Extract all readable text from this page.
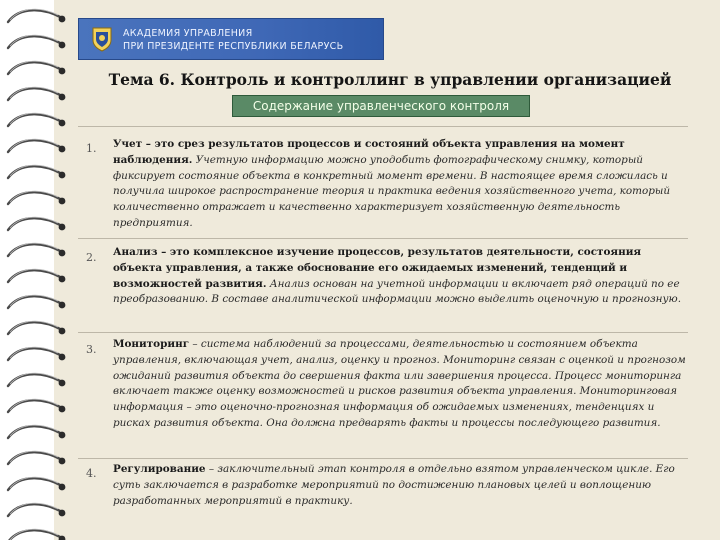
АКАДЕМИЯ УПРАВЛЕНИЯ
ПРИ ПРЕЗИДЕНТЕ РЕСПУБЛИКИ БЕЛАРУСЬ
Тема 6. Контроль и контроллинг в управлении организацией
Содержание управленческого контроля
1. Учет – это срез результатов процессов и состояний объекта управления на момент наблюдения. Учетную информацию можно уподобить фотографическому снимку, который фиксирует состояние объекта в конкретный момент времени. В настоящее время сложилась и получила широкое распространение теория и практика ведения хозяйственного учета, который количественно отражает и качественно характеризует хозяйственную деятельность предприятия.
2. Анализ – это комплексное изучение процессов, результатов деятельности, состояния объекта управления, а также обоснование его ожидаемых изменений, тенденций и возможностей развития. Анализ основан на учетной информации и включает ряд операций по ее преобразованию. В составе аналитической информации можно выделить оценочную и прогнозную.
3. Мониторинг – система наблюдений за процессами, деятельностью и состоянием объекта управления, включающая учет, анализ, оценку и прогноз. Мониторинг связан с оценкой и прогнозом ожиданий развития объекта до свершения факта или завершения процесса. Процесс мониторинга включает также оценку возможностей и рисков развития объекта управления. Мониторинговая информация – это оценочно-прогнозная информация об ожидаемых изменениях, тенденциях и рисках развития объекта. Она должна предварять факты и процессы последующего развития.
4. Регулирование – заключительный этап контроля в отдельно взятом управленческом цикле. Его суть заключается в разработке мероприятий по достижению плановых целей и воплощению разработанных мероприятий в практику.
